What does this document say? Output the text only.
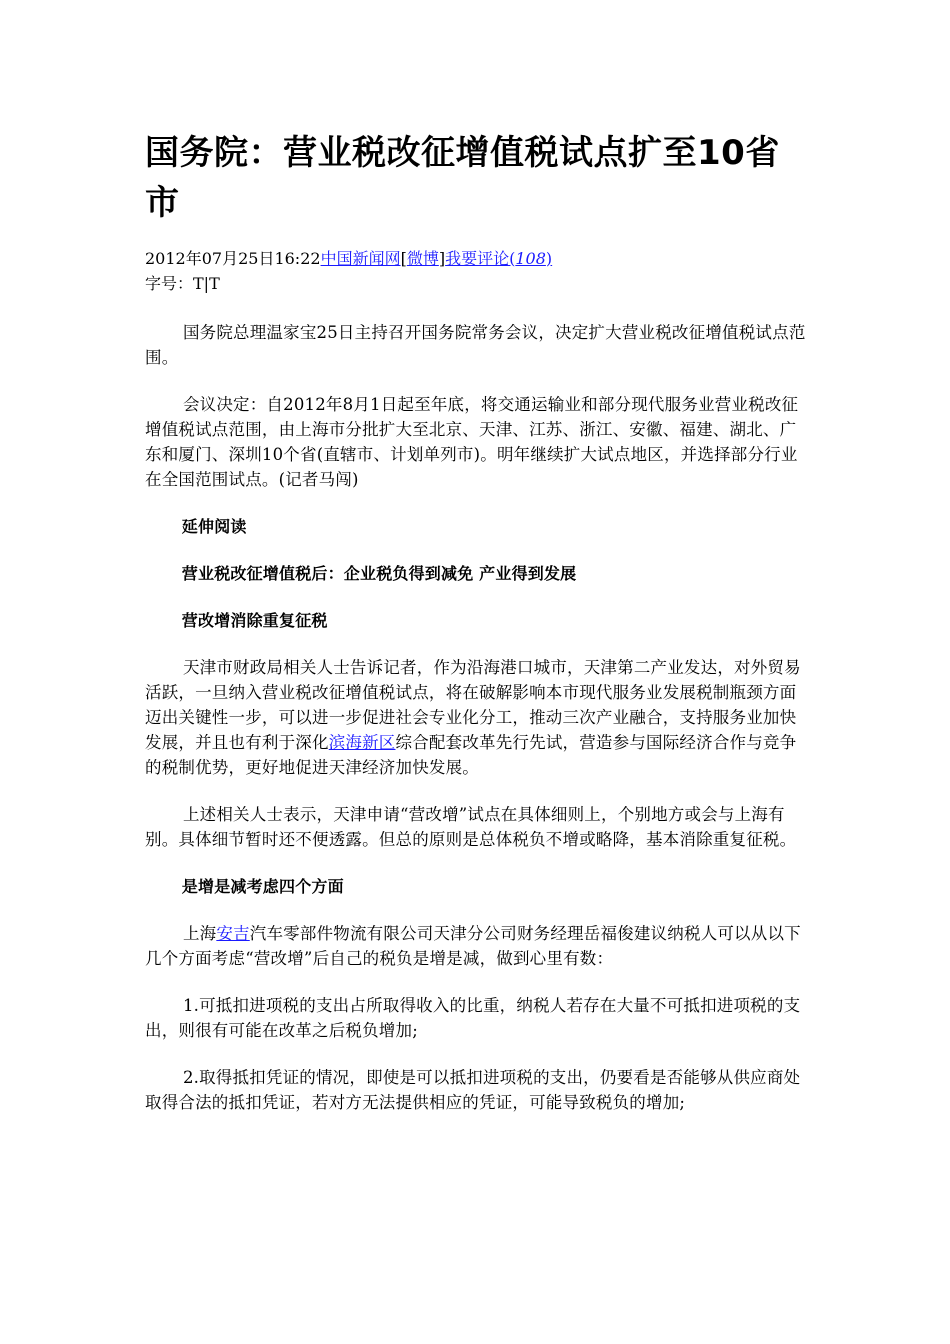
国务院：营业税改征增值税试点扩至10省市
2012年07月25日16:22中国新闻网[微博]我要评论(108)
字号：T|T

国务院总理温家宝25日主持召开国务院常务会议，决定扩大营业税改征增值税试点范围。

会议决定：自2012年8月1日起至年底，将交通运输业和部分现代服务业营业税改征增值税试点范围，由上海市分批扩大至北京、天津、江苏、浙江、安徽、福建、湖北、广东和厦门、深圳10个省(直辖市、计划单列市)。明年继续扩大试点地区，并选择部分行业在全国范围试点。(记者马闯)

延伸阅读

营业税改征增值税后：企业税负得到减免 产业得到发展

营改增消除重复征税

天津市财政局相关人士告诉记者，作为沿海港口城市，天津第二产业发达，对外贸易活跃，一旦纳入营业税改征增值税试点，将在破解影响本市现代服务业发展税制瓶颈方面迈出关键性一步，可以进一步促进社会专业化分工，推动三次产业融合，支持服务业加快发展，并且也有利于深化滨海新区综合配套改革先行先试，营造参与国际经济合作与竞争的税制优势，更好地促进天津经济加快发展。

上述相关人士表示，天津申请“营改增”试点在具体细则上，个别地方或会与上海有别。具体细节暂时还不便透露。但总的原则是总体税负不增或略降，基本消除重复征税。

是增是减考虑四个方面

上海安吉汽车零部件物流有限公司天津分公司财务经理岳福俊建议纳税人可以从以下几个方面考虑“营改增”后自己的税负是增是减，做到心里有数：

1.可抵扣进项税的支出占所取得收入的比重，纳税人若存在大量不可抵扣进项税的支出，则很有可能在改革之后税负增加;

2.取得抵扣凭证的情况，即使是可以抵扣进项税的支出，仍要看是否能够从供应商处取得合法的抵扣凭证，若对方无法提供相应的凭证，可能导致税负的增加;
